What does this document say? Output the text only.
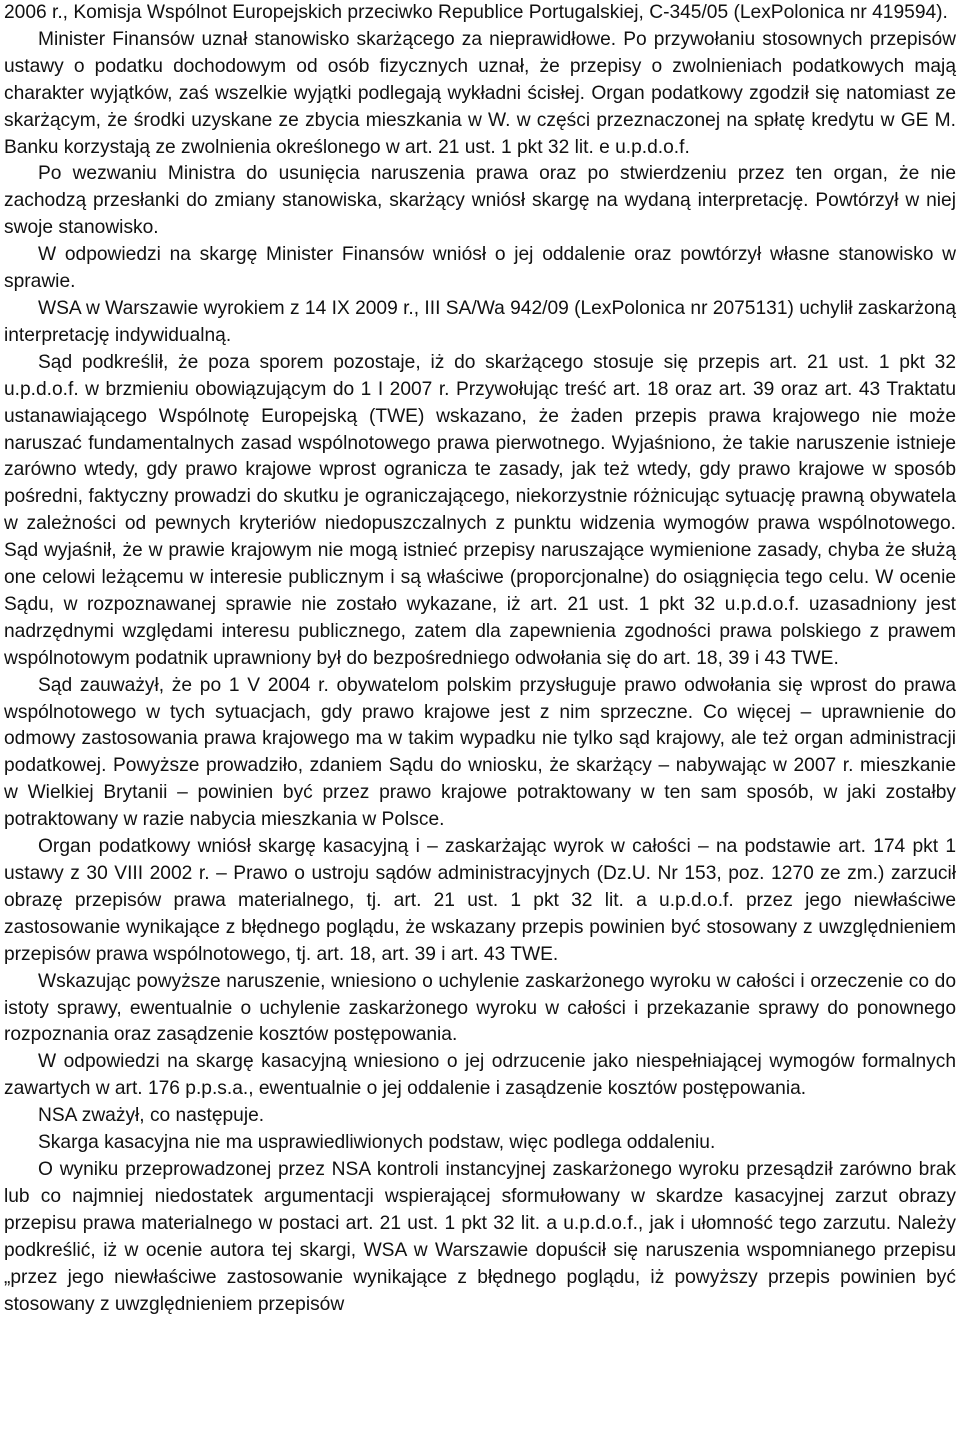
2006 r., Komisja Wspólnot Europejskich przeciwko Republice Portugalskiej, C-345/05 (LexPolonica nr 419594).

Minister Finansów uznał stanowisko skarżącego za nieprawidłowe. Po przywołaniu stosownych przepisów ustawy o podatku dochodowym od osób fizycznych uznał, że przepisy o zwolnieniach podatkowych mają charakter wyjątków, zaś wszelkie wyjątki podlegają wykładni ścisłej. Organ podatkowy zgodził się natomiast ze skarżącym, że środki uzyskane ze zbycia mieszkania w W. w części przeznaczonej na spłatę kredytu w GE M. Banku korzystają ze zwolnienia określonego w art. 21 ust. 1 pkt 32 lit. e u.p.d.o.f.

Po wezwaniu Ministra do usunięcia naruszenia prawa oraz po stwierdzeniu przez ten organ, że nie zachodzą przesłanki do zmiany stanowiska, skarżący wniósł skargę na wydaną interpretację. Powtórzył w niej swoje stanowisko.

W odpowiedzi na skargę Minister Finansów wniósł o jej oddalenie oraz powtórzył własne stanowisko w sprawie.

WSA w Warszawie wyrokiem z 14 IX 2009 r., III SA/Wa 942/09 (LexPolonica nr 2075131) uchylił zaskarżoną interpretację indywidualną.

Sąd podkreślił, że poza sporem pozostaje, iż do skarżącego stosuje się przepis art. 21 ust. 1 pkt 32 u.p.d.o.f. w brzmieniu obowiązującym do 1 I 2007 r. Przywołując treść art. 18 oraz art. 39 oraz art. 43 Traktatu ustanawiającego Wspólnotę Europejską (TWE) wskazano, że żaden przepis prawa krajowego nie może naruszać fundamentalnych zasad wspólnotowego prawa pierwotnego. Wyjaśniono, że takie naruszenie istnieje zarówno wtedy, gdy prawo krajowe wprost ogranicza te zasady, jak też wtedy, gdy prawo krajowe w sposób pośredni, faktyczny prowadzi do skutku je ograniczającego, niekorzystnie różnicując sytuację prawną obywatela w zależności od pewnych kryteriów niedopuszczalnych z punktu widzenia wymogów prawa wspólnotowego. Sąd wyjaśnił, że w prawie krajowym nie mogą istnieć przepisy naruszające wymienione zasady, chyba że służą one celowi leżącemu w interesie publicznym i są właściwe (proporcjonalne) do osiągnięcia tego celu. W ocenie Sądu, w rozpoznawanej sprawie nie zostało wykazane, iż art. 21 ust. 1 pkt 32 u.p.d.o.f. uzasadniony jest nadrzędnymi względami interesu publicznego, zatem dla zapewnienia zgodności prawa polskiego z prawem wspólnotowym podatnik uprawniony był do bezpośredniego odwołania się do art. 18, 39 i 43 TWE.

Sąd zauważył, że po 1 V 2004 r. obywatelom polskim przysługuje prawo odwołania się wprost do prawa wspólnotowego w tych sytuacjach, gdy prawo krajowe jest z nim sprzeczne. Co więcej – uprawnienie do odmowy zastosowania prawa krajowego ma w takim wypadku nie tylko sąd krajowy, ale też organ administracji podatkowej. Powyższe prowadziło, zdaniem Sądu do wniosku, że skarżący – nabywając w 2007 r. mieszkanie w Wielkiej Brytanii – powinien być przez prawo krajowe potraktowany w ten sam sposób, w jaki zostałby potraktowany w razie nabycia mieszkania w Polsce.

Organ podatkowy wniósł skargę kasacyjną i – zaskarżając wyrok w całości – na podstawie art. 174 pkt 1 ustawy z 30 VIII 2002 r. – Prawo o ustroju sądów administracyjnych (Dz.U. Nr 153, poz. 1270 ze zm.) zarzucił obrazę przepisów prawa materialnego, tj. art. 21 ust. 1 pkt 32 lit. a u.p.d.o.f. przez jego niewłaściwe zastosowanie wynikające z błędnego poglądu, że wskazany przepis powinien być stosowany z uwzględnieniem przepisów prawa wspólnotowego, tj. art. 18, art. 39 i art. 43 TWE.

Wskazując powyższe naruszenie, wniesiono o uchylenie zaskarżonego wyroku w całości i orzeczenie co do istoty sprawy, ewentualnie o uchylenie zaskarżonego wyroku w całości i przekazanie sprawy do ponownego rozpoznania oraz zasądzenie kosztów postępowania.

W odpowiedzi na skargę kasacyjną wniesiono o jej odrzucenie jako niespełniającej wymogów formalnych zawartych w art. 176 p.p.s.a., ewentualnie o jej oddalenie i zasądzenie kosztów postępowania.

NSA zważył, co następuje.

Skarga kasacyjna nie ma usprawiedliwionych podstaw, więc podlega oddaleniu.

O wyniku przeprowadzonej przez NSA kontroli instancyjnej zaskarżonego wyroku przesądził zarówno brak lub co najmniej niedostatek argumentacji wspierającej sformułowany w skardze kasacyjnej zarzut obrazy przepisu prawa materialnego w postaci art. 21 ust. 1 pkt 32 lit. a u.p.d.o.f., jak i ułomność tego zarzutu. Należy podkreślić, iż w ocenie autora tej skargi, WSA w Warszawie dopuścił się naruszenia wspomnianego przepisu „przez jego niewłaściwe zastosowanie wynikające z błędnego poglądu, iż powyższy przepis powinien być stosowany z uwzględnieniem przepisów
